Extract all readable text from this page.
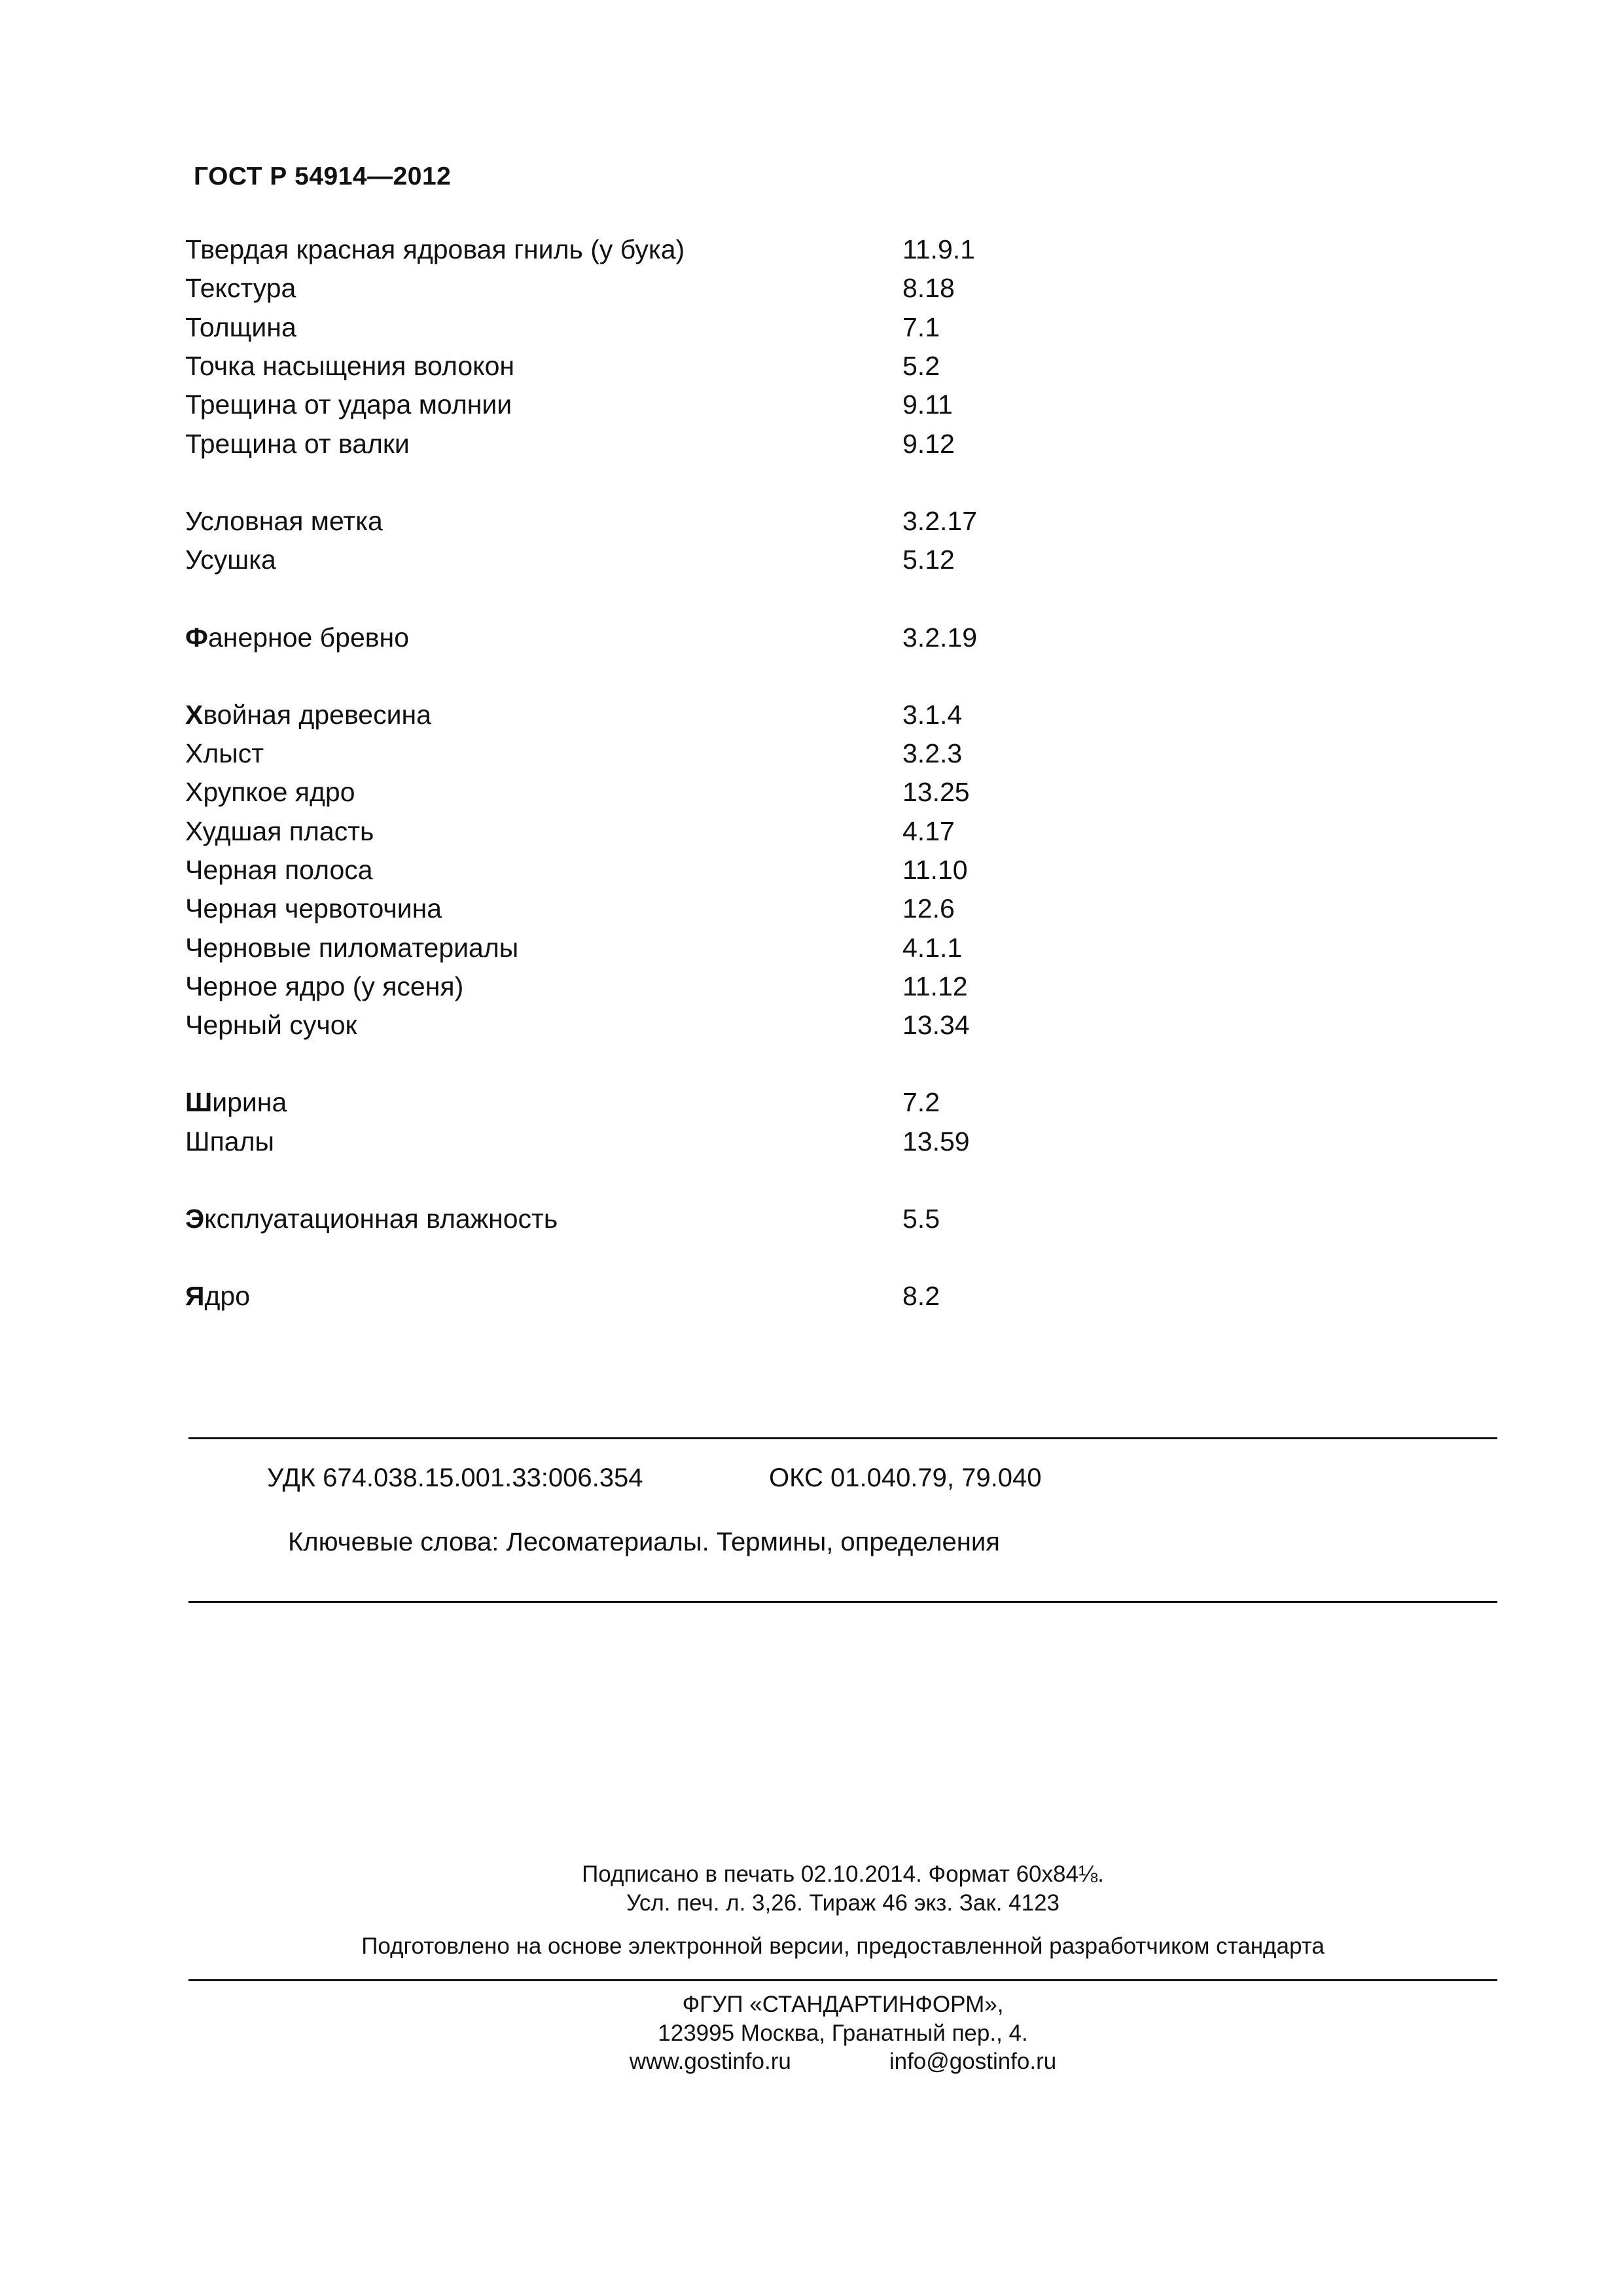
ГОСТ Р 54914—2012
Твердая красная ядровая гниль (у бука)	11.9.1
Текстура	8.18
Толщина	7.1
Точка насыщения волокон	5.2
Трещина от удара молнии	9.11
Трещина от валки	9.12
Условная метка	3.2.17
Усушка	5.12
Фанерное бревно	3.2.19
Хвойная древесина	3.1.4
Хлыст	3.2.3
Хрупкое ядро	13.25
Худшая пласть	4.17
Черная полоса	11.10
Черная червоточина	12.6
Черновые пиломатериалы	4.1.1
Черное ядро (у ясеня)	11.12
Черный сучок	13.34
Ширина	7.2
Шпалы	13.59
Эксплуатационная влажность	5.5
Ядро	8.2
УДК 674.038.15.001.33:006.354	ОКС 01.040.79, 79.040
Ключевые слова: Лесоматериалы. Термины, определения
Подписано в печать 02.10.2014. Формат 60x84⅛.
Усл. печ. л. 3,26. Тираж 46 экз. Зак. 4123
Подготовлено на основе электронной версии, предоставленной разработчиком стандарта
ФГУП «СТАНДАРТИНФОРМ»,
123995 Москва, Гранатный пер., 4.
www.gostinfo.ru	info@gostinfo.ru
